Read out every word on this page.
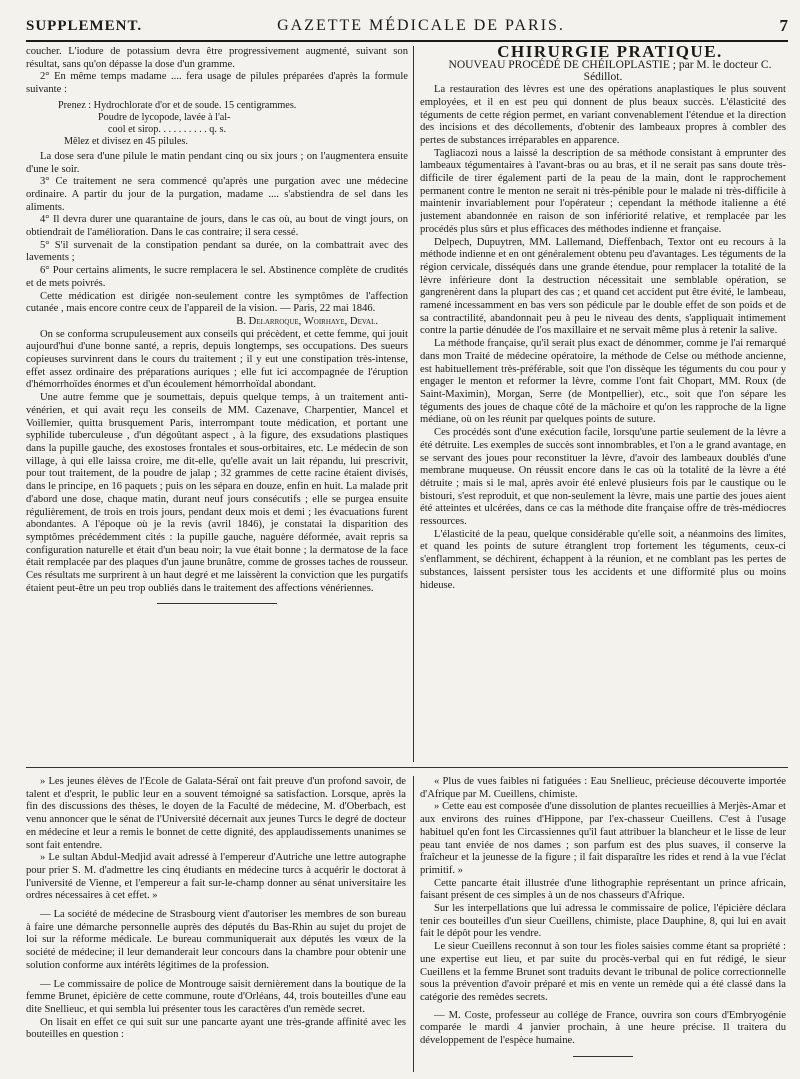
SUPPLEMENT.	GAZETTE MÉDICALE DE PARIS.	7

coucher. L'iodure de potassium devra être progressivement augmenté, suivant son résultat, sans qu'on dépasse la dose d'un gramme.

2° En même temps madame .... fera usage de pilules préparées d'après la formule suivante :

Prenez : Hydrochlorate d'or et de soude. 15 centigrammes.
Poudre de lycopode, lavée à l'al-
cool et sirop. . . . . . . . . . q. s.
Mêlez et divisez en 45 pilules.

La dose sera d'une pilule le matin pendant cinq ou six jours ; on l'augmentera ensuite d'une le soir.

3° Ce traitement ne sera commencé qu'après une purgation avec une médecine ordinaire. A partir du jour de la purgation, madame .... s'abstiendra de sel dans les aliments.

4° Il devra durer une quarantaine de jours, dans le cas où, au bout de vingt jours, on obtiendrait de l'amélioration. Dans le cas contraire; il sera cessé.

5° S'il survenait de la constipation pendant sa durée, on la combattrait avec des lavements ;

6° Pour certains aliments, le sucre remplacera le sel. Abstinence complète de crudités et de mets poivrés.

Cette médication est dirigée non-seulement contre les symptômes de l'affection cutanée , mais encore contre ceux de l'appareil de la vision. — Paris, 22 mai 1846.

B. Delarroque, Woirhaye, Deval.

On se conforma scrupuleusement aux conseils qui précèdent, et cette femme, qui jouit aujourd'hui d'une bonne santé, a repris, depuis longtemps, ses occupations. Des sueurs copieuses survinrent dans le cours du traitement ; il y eut une constipation très-intense, effet assez ordinaire des préparations auriques ; elle fut ici accompagnée de l'éruption d'hémorrhoïdes énormes et d'un écoulement hémorrhoïdal abondant.

Une autre femme que je soumettais, depuis quelque temps, à un traitement anti-vénérien, et qui avait reçu les conseils de MM. Cazenave, Charpentier, Mancel et Voillemier, quitta brusquement Paris, interrompant toute médication, et portant une syphilide tuberculeuse , d'un dégoûtant aspect , à la figure, des exsudations plastiques dans la pupille gauche, des exostoses frontales et sous-orbitaires, etc. Le médecin de son village, à qui elle laissa croire, me dit-elle, qu'elle avait un lait répandu, lui prescrivit, pour tout traitement, de la poudre de jalap ; 32 grammes de cette racine étaient divisés, dans le principe, en 16 paquets ; puis on les sépara en douze, enfin en huit. La malade prit d'abord une dose, chaque matin, durant neuf jours consécutifs ; elle se purgea ensuite régulièrement, de trois en trois jours, pendant deux mois et demi ; les évacuations furent abondantes. A l'époque où je la revis (avril 1846), je constatai la disparition des symptômes précédemment cités : la pupille gauche, naguère déformée, avait repris sa configuration naturelle et était d'un beau noir; la vue était bonne ; la dermatose de la face était remplacée par des plaques d'un jaune brunâtre, comme de grosses taches de rousseur. Ces résultats me surprirent à un haut degré et me laissèrent la conviction que les purgatifs étaient peut-être un peu trop oubliés dans le traitement des affections vénériennes.

CHIRURGIE PRATIQUE.

NOUVEAU PROCÉDÉ DE CHÉILOPLASTIE ; par M. le docteur C. Sédillot.

La restauration des lèvres est une des opérations anaplastiques le plus souvent employées, et il en est peu qui donnent de plus beaux succès. L'élasticité des téguments de cette région permet, en variant convenablement l'étendue et la direction des incisions et des décollements, d'obtenir des lambeaux propres à combler des pertes de substances irréparables en apparence.

Tagliacozi nous a laissé la description de sa méthode consistant à emprunter des lambeaux tégumentaires à l'avant-bras ou au bras, et il ne serait pas sans doute très-difficile de tirer également parti de la peau de la main, dont le rapprochement permanent contre le menton ne serait ni très-pénible pour le malade ni très-difficile à maintenir invariablement pour l'opérateur ; cependant la méthode italienne a été justement abandonnée en raison de son infériorité relative, et remplacée par les procédés plus sûrs et plus efficaces des méthodes indienne et française.

Delpech, Dupuytren, MM. Lallemand, Dieffenbach, Textor ont eu recours à la méthode indienne et en ont généralement obtenu peu d'avantages. Les téguments de la région cervicale, disséqués dans une grande étendue, pour remplacer la totalité de la lèvre inférieure dont la destruction nécessitait une semblable opération, se gangrenèrent dans la plupart des cas ; et quand cet accident put être évité, le lambeau, ramené incessamment en bas vers son pédicule par le double effet de son poids et de sa contractilité, abandonnait peu à peu le niveau des dents, s'appliquait intimement contre la partie dénudée de l'os maxillaire et ne servait même plus à retenir la salive.

La méthode française, qu'il serait plus exact de dénommer, comme je l'ai remarqué dans mon Traité de médecine opératoire, la méthode de Celse ou méthode ancienne, est habituellement très-préférable, soit que l'on dissèque les téguments du cou pour y engager le menton et reformer la lèvre, comme l'ont fait Chopart, MM. Roux (de Saint-Maximin), Morgan, Serre (de Montpellier), etc., soit que l'on sépare les téguments des joues de chaque côté de la mâchoire et qu'on les rapproche de la ligne médiane, où on les réunit par quelques points de suture.

Ces procédés sont d'une exécution facile, lorsqu'une partie seulement de la lèvre a été détruite. Les exemples de succès sont innombrables, et l'on a le grand avantage, en se servant des joues pour reconstituer la lèvre, d'avoir des lambeaux doublés d'une membrane muqueuse. On réussit encore dans le cas où la totalité de la lèvre a été détruite ; mais si le mal, après avoir été enlevé plusieurs fois par le caustique ou le bistouri, s'est reproduit, et que non-seulement la lèvre, mais une partie des joues aient été atteintes et ulcérées, dans ce cas la méthode dite française offre de très-médiocres ressources.

L'élasticité de la peau, quelque considérable qu'elle soit, a néanmoins des limites, et quand les points de suture étranglent trop fortement les téguments, ceux-ci s'enflamment, se déchirent, échappent à la réunion, et ne comblant pas les pertes de substances, laissent persister tous les accidents et une difformité plus ou moins hideuse.

» Les jeunes élèves de l'École de Galata-Séraï ont fait preuve d'un profond savoir, de talent et d'esprit, le public leur en a souvent témoigné sa satisfaction. Lorsque, après la fin des discussions des thèses, le doyen de la Faculté de médecine, M. d'Oberbach, est venu annoncer que le sénat de l'Université décernait aux jeunes Turcs le degré de docteur en médecine et leur a remis le bonnet de cette dignité, des applaudissements unanimes se sont fait entendre.

» Le sultan Abdul-Medjid avait adressé à l'empereur d'Autriche une lettre autographe pour prier S. M. d'admettre les cinq étudiants en médecine turcs à acquérir le doctorat à l'université de Vienne, et l'empereur a fait sur-le-champ donner au sénat universitaire les ordres nécessaires à cet effet. »

— La société de médecine de Strasbourg vient d'autoriser les membres de son bureau à faire une démarche personnelle auprès des députés du Bas-Rhin au sujet du projet de loi sur la réforme médicale. Le bureau communiquerait aux députés les vœux de la société de médecine; il leur demanderait leur concours dans la chambre pour obtenir une solution conforme aux intérêts légitimes de la profession.

— Le commissaire de police de Montrouge saisit dernièrement dans la boutique de la femme Brunet, épicière de cette commune, route d'Orléans, 44, trois bouteilles d'une eau dite Snellieuc, et qui sembla lui présenter tous les caractères d'un remède secret.

On lisait en effet ce qui suit sur une pancarte ayant une très-grande affinité avec les bouteilles en question :

« Plus de vues faibles ni fatiguées : Eau Snellieuc, précieuse découverte importée d'Afrique par M. Cueillens, chimiste.

» Cette eau est composée d'une dissolution de plantes recueillies à Merjès-Amar et aux environs des ruines d'Hippone, par l'ex-chasseur Cueillens. C'est à l'usage habituel qu'en font les Circassiennes qu'il faut attribuer la blancheur et le lisse de leur peau tant enviée de nos dames ; son parfum est des plus suaves, il conserve la fraîcheur et la jeunesse de la figure ; il fait disparaître les rides et rend à la vue l'éclat primitif. »

Cette pancarte était illustrée d'une lithographie représentant un prince africain, faisant présent de ces simples à un de nos chasseurs d'Afrique.

Sur les interpellations que lui adressa le commissaire de police, l'épicière déclara tenir ces bouteilles d'un sieur Cueillens, chimiste, place Dauphine, 8, qui lui en avait fait le dépôt pour les vendre.

Le sieur Cueillens reconnut à son tour les fioles saisies comme étant sa propriété : une expertise eut lieu, et par suite du procès-verbal qui en fut rédigé, le sieur Cueillens et la femme Brunet sont traduits devant le tribunal de police correctionnelle sous la prévention d'avoir préparé et mis en vente un remède qui a été classé dans la catégorie des remèdes secrets.

— M. Coste, professeur au collége de France, ouvrira son cours d'Embryogénie comparée le mardi 4 janvier prochain, à une heure précise. Il traitera du développement de l'espèce humaine.
